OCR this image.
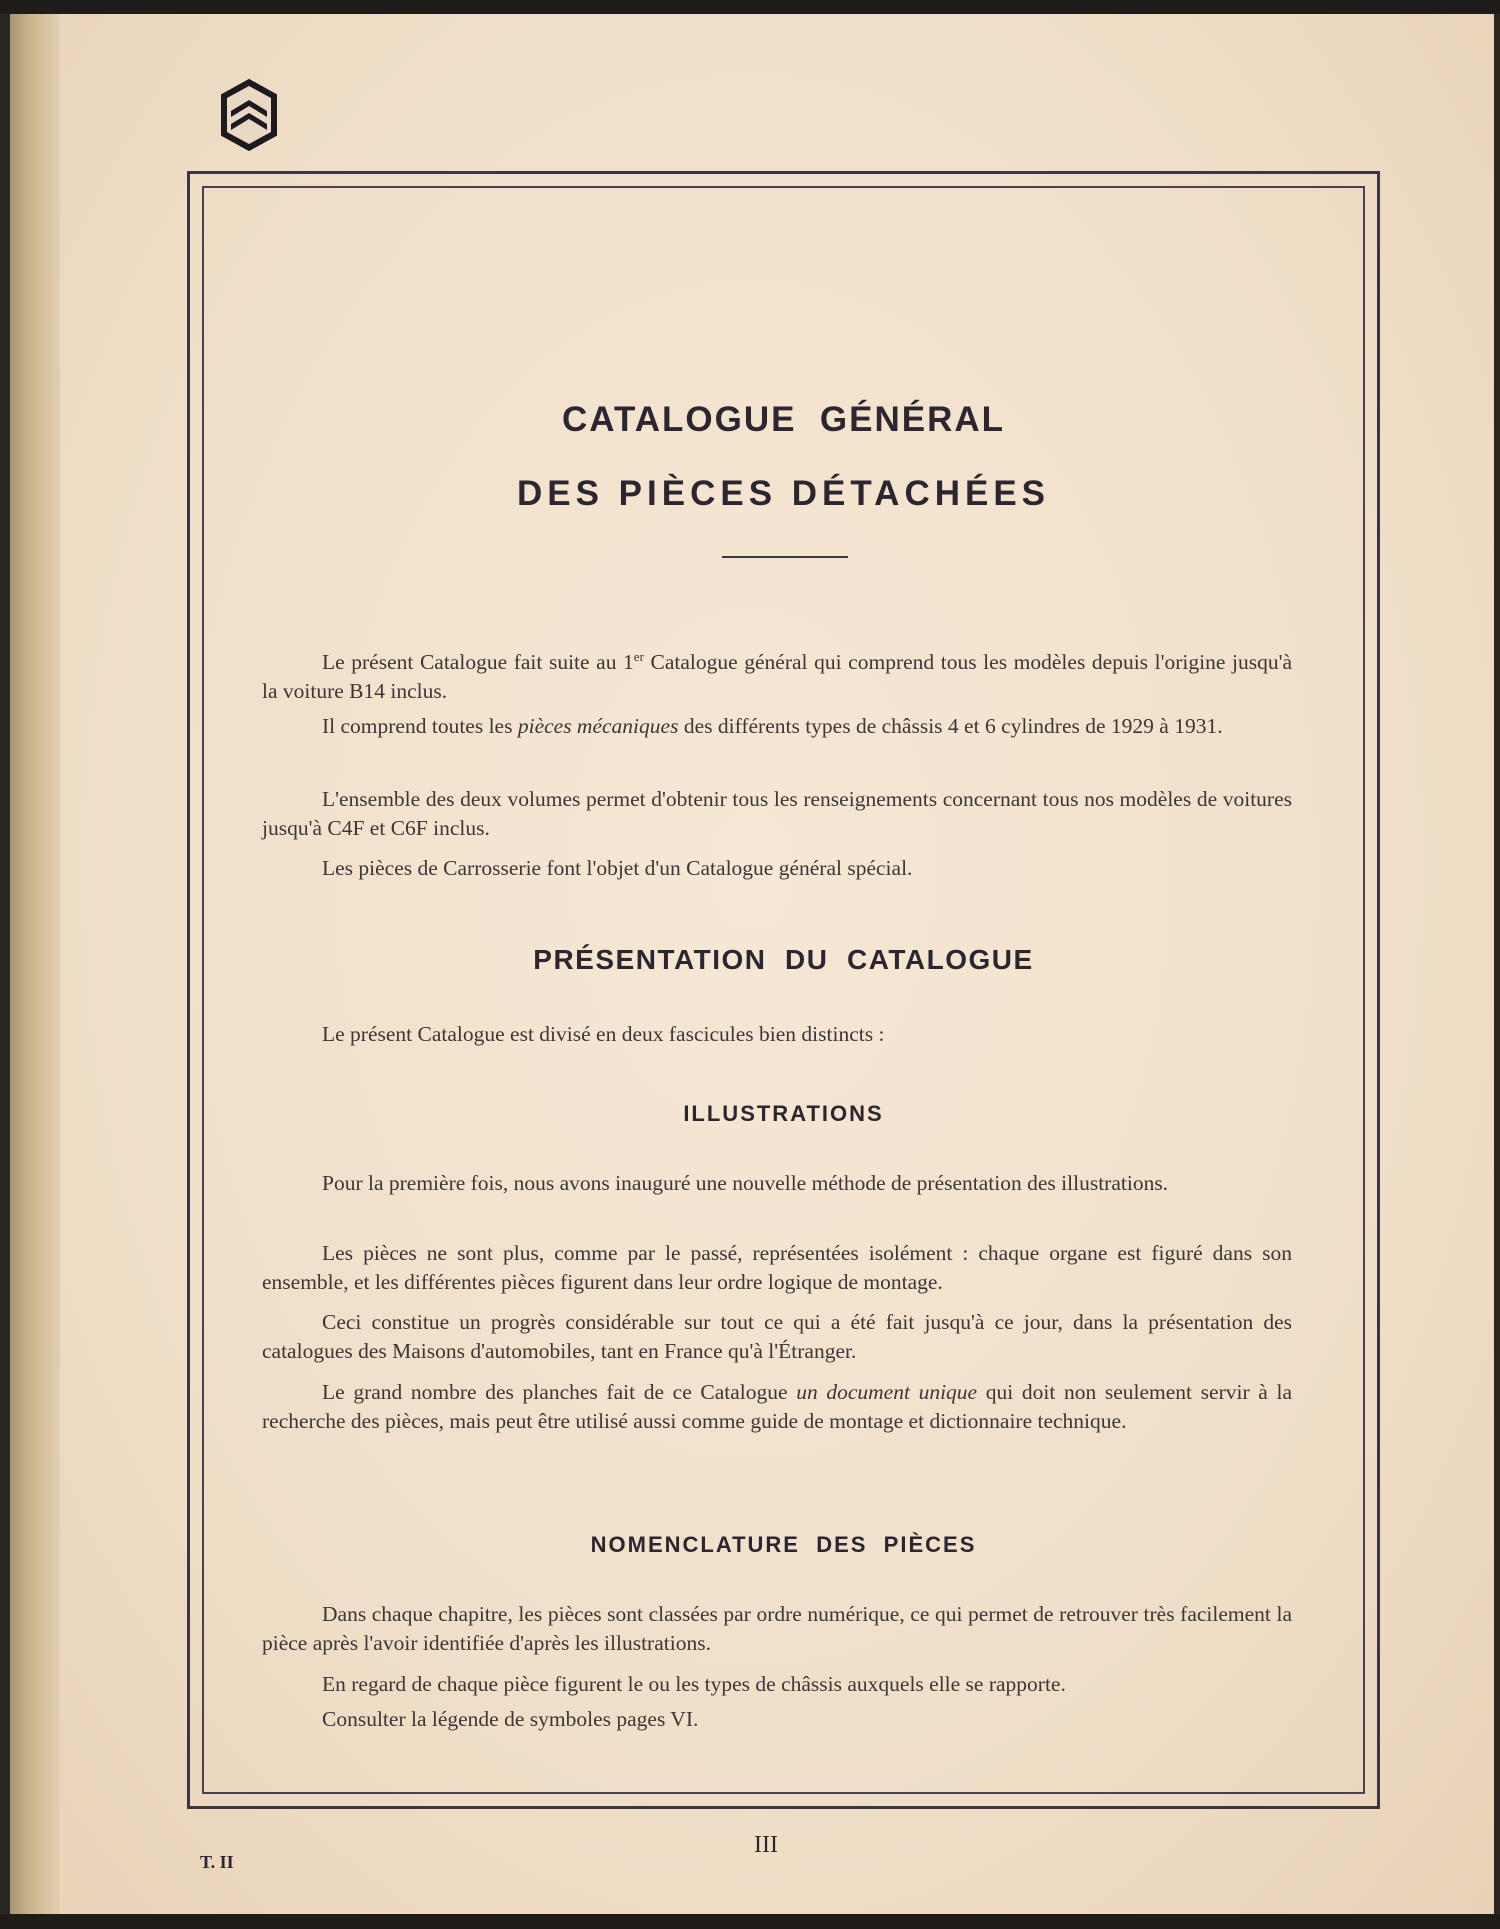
CATALOGUE  GÉNÉRAL
DES PIÈCES DÉTACHÉES
Le présent Catalogue fait suite au 1er Catalogue général qui comprend tous les modèles depuis l'origine jusqu'à la voiture B14 inclus.
Il comprend toutes les pièces mécaniques des différents types de châssis 4 et 6 cylindres de 1929 à 1931.
L'ensemble des deux volumes permet d'obtenir tous les renseignements concernant tous nos modèles de voitures jusqu'à C4F et C6F inclus.
Les pièces de Carrosserie font l'objet d'un Catalogue général spécial.
PRÉSENTATION  DU  CATALOGUE
Le présent Catalogue est divisé en deux fascicules bien distincts :
ILLUSTRATIONS
Pour la première fois, nous avons inauguré une nouvelle méthode de présentation des illustrations.
Les pièces ne sont plus, comme par le passé, représentées isolément : chaque organe est figuré dans son ensemble, et les différentes pièces figurent dans leur ordre logique de montage.
Ceci constitue un progrès considérable sur tout ce qui a été fait jusqu'à ce jour, dans la présentation des catalogues des Maisons d'automobiles, tant en France qu'à l'Étranger.
Le grand nombre des planches fait de ce Catalogue un document unique qui doit non seulement servir à la recherche des pièces, mais peut être utilisé aussi comme guide de montage et dictionnaire technique.
NOMENCLATURE  DES  PIÈCES
Dans chaque chapitre, les pièces sont classées par ordre numérique, ce qui permet de retrouver très facilement la pièce après l'avoir identifiée d'après les illustrations.
En regard de chaque pièce figurent le ou les types de châssis auxquels elle se rapporte.
Consulter la légende de symboles pages VI.
III
T. II
